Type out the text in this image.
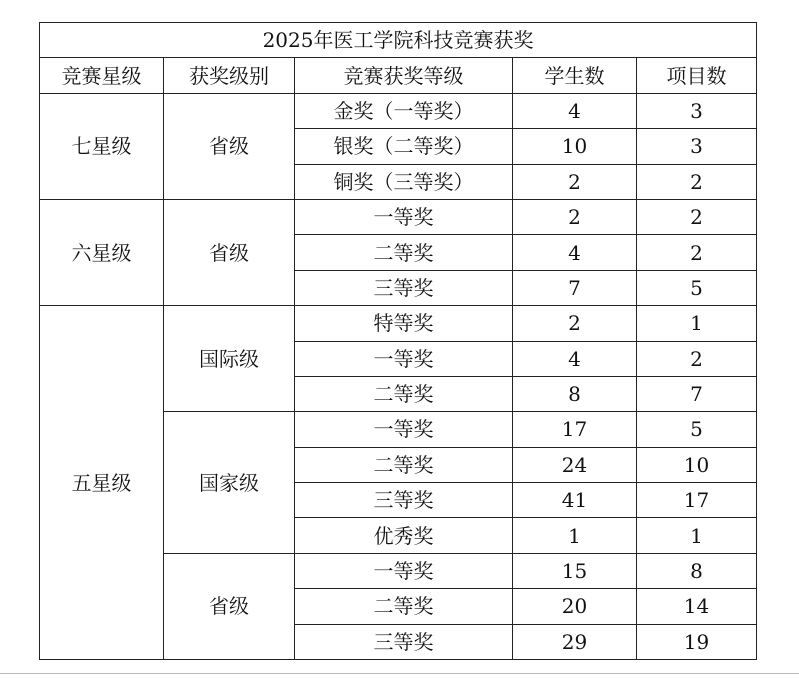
2025年医工学院科技竞赛获奖				
竞赛星级	获奖级别	竞赛获奖等级	学生数	项目数
七星级	省级	金奖（一等奖）	4	3
		银奖（二等奖）	10	3
		铜奖（三等奖）	2	2
六星级	省级	一等奖	2	2
		二等奖	4	2
		三等奖	7	5
五星级	国际级	特等奖	2	1
		一等奖	4	2
		二等奖	8	7
	国家级	一等奖	17	5
		二等奖	24	10
		三等奖	41	17
		优秀奖	1	1
	省级	一等奖	15	8
		二等奖	20	14
		三等奖	29	19
